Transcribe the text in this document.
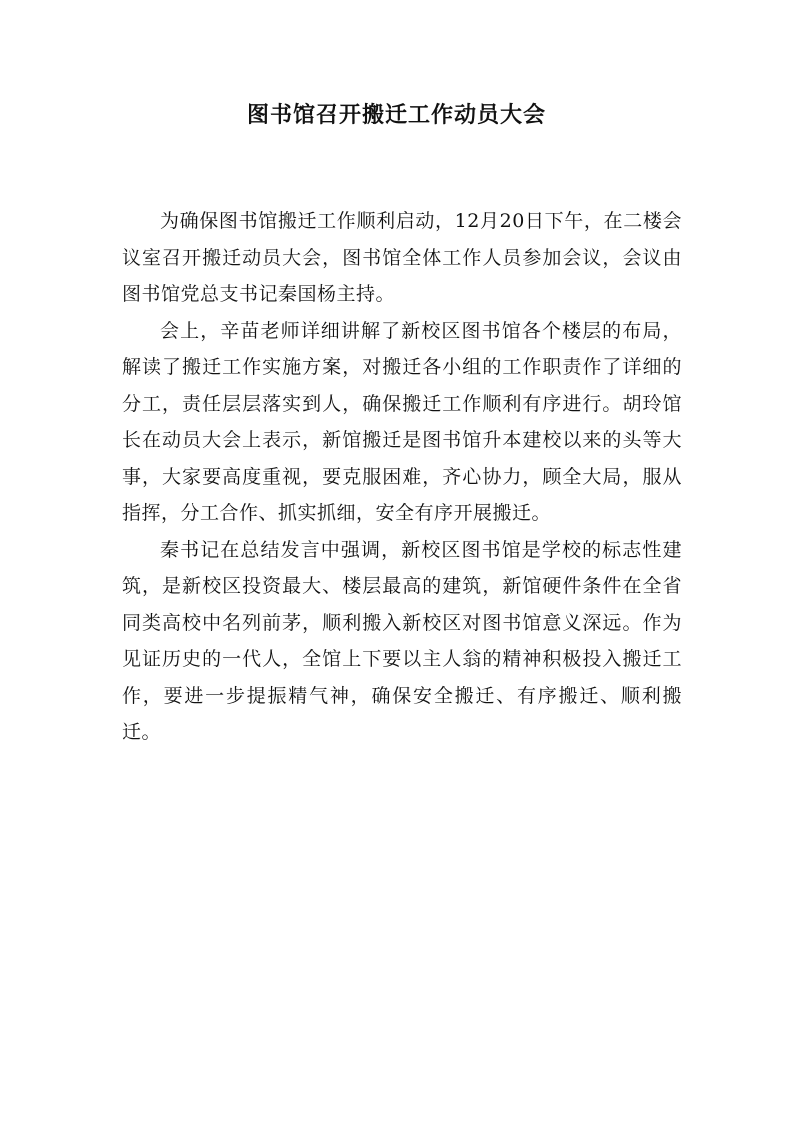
图书馆召开搬迁工作动员大会

为确保图书馆搬迁工作顺利启动，12月20日下午，在二楼会议室召开搬迁动员大会，图书馆全体工作人员参加会议，会议由图书馆党总支书记秦国杨主持。

会上，辛苗老师详细讲解了新校区图书馆各个楼层的布局，解读了搬迁工作实施方案，对搬迁各小组的工作职责作了详细的分工，责任层层落实到人，确保搬迁工作顺利有序进行。胡玲馆长在动员大会上表示，新馆搬迁是图书馆升本建校以来的头等大事，大家要高度重视，要克服困难，齐心协力，顾全大局，服从指挥，分工合作、抓实抓细，安全有序开展搬迁。

秦书记在总结发言中强调，新校区图书馆是学校的标志性建筑，是新校区投资最大、楼层最高的建筑，新馆硬件条件在全省同类高校中名列前茅，顺利搬入新校区对图书馆意义深远。作为见证历史的一代人，全馆上下要以主人翁的精神积极投入搬迁工作，要进一步提振精气神，确保安全搬迁、有序搬迁、顺利搬迁。
